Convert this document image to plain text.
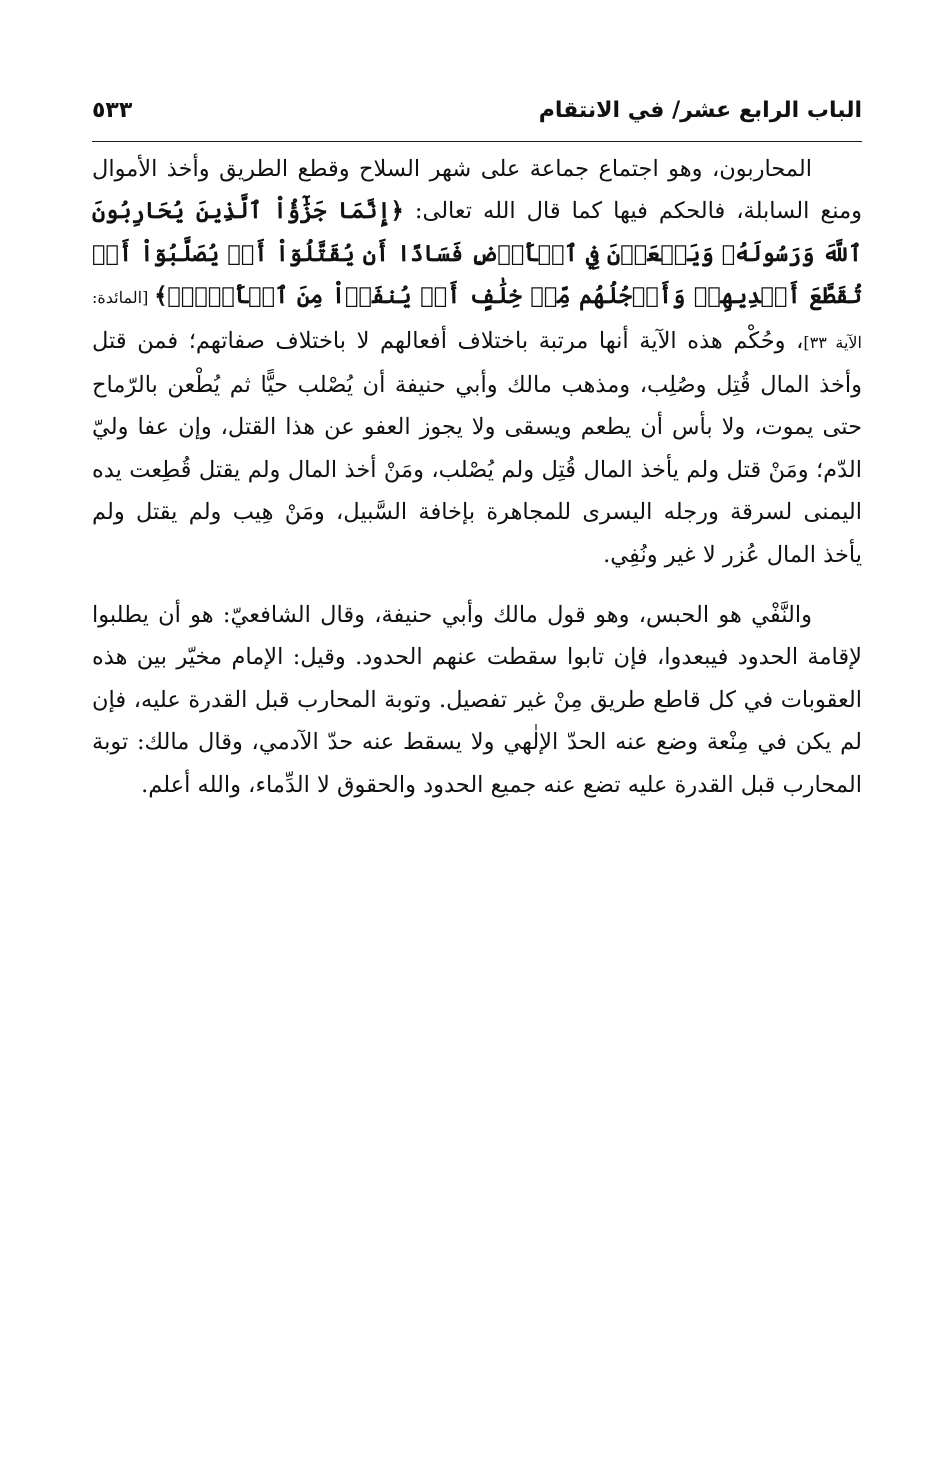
الباب الرابع عشر/ في الانتقام
٥٣٣

المحاربون، وهو اجتماع جماعة على شهر السلاح وقطع الطريق وأخذ الأموال ومنع السابلة، فالحكم فيها كما قال الله تعالى: ﴿إِنَّمَا جَزَٰٓؤُاْ ٱلَّذِينَ يُحَارِبُونَ ٱللَّهَ وَرَسُولَهُۥ وَيَسۡعَوۡنَ فِي ٱلۡأَرۡضِ فَسَادًا أَن يُقَتَّلُوٓاْ أَوۡ يُصَلَّبُوٓاْ أَوۡ تُقَطَّعَ أَيۡدِيهِمۡ وَأَرۡجُلُهُم مِّنۡ خِلَٰفٍ أَوۡ يُنفَوۡاْ مِنَ ٱلۡأَرۡضِۚ﴾ [المائدة: الآية ٣٣]، وحُكْم هذه الآية أنها مرتبة باختلاف أفعالهم لا باختلاف صفاتهم؛ فمن قتل وأخذ المال قُتِل وصُلِب، ومذهب مالك وأبي حنيفة أن يُصْلب حيًّا ثم يُطْعن بالرّماح حتى يموت، ولا بأس أن يطعم ويسقى ولا يجوز العفو عن هذا القتل، وإن عفا وليّ الدّم؛ ومَنْ قتل ولم يأخذ المال قُتِل ولم يُصْلب، ومَنْ أخذ المال ولم يقتل قُطِعت يده اليمنى لسرقة ورجله اليسرى للمجاهرة بإخافة السَّبيل، ومَنْ هِيب ولم يقتل ولم يأخذ المال عُزر لا غير ونُفِي.

والنَّفْي هو الحبس، وهو قول مالك وأبي حنيفة، وقال الشافعيّ: هو أن يطلبوا لإقامة الحدود فيبعدوا، فإن تابوا سقطت عنهم الحدود. وقيل: الإمام مخيّر بين هذه العقوبات في كل قاطع طريق مِنْ غير تفصيل. وتوبة المحارب قبل القدرة عليه، فإن لم يكن في مِنْعة وضع عنه الحدّ الإلٰهي ولا يسقط عنه حدّ الآدمي، وقال مالك: توبة المحارب قبل القدرة عليه تضع عنه جميع الحدود والحقوق لا الدِّماء، والله أعلم.
